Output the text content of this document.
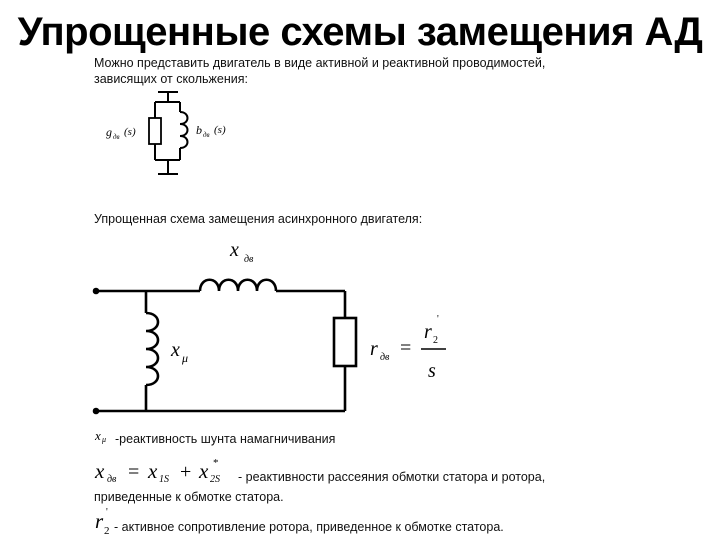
Упрощенные схемы замещения АД
Можно представить двигатель в виде активной и реактивной проводимостей,
зависящих от скольжения:
Упрощенная схема замещения асинхронного двигателя:
g дв (s)	b дв (s)
x дв
x μ	r дв =
r 2
'
s
x μ
x дв = x 1S + x 2S
*
r 2
'
-реактивность шунта намагничивания
- реактивности рассеяния обмотки статора и ротора,
приведенные к обмотке статора.
- активное сопротивление ротора, приведенное к обмотке статора.
